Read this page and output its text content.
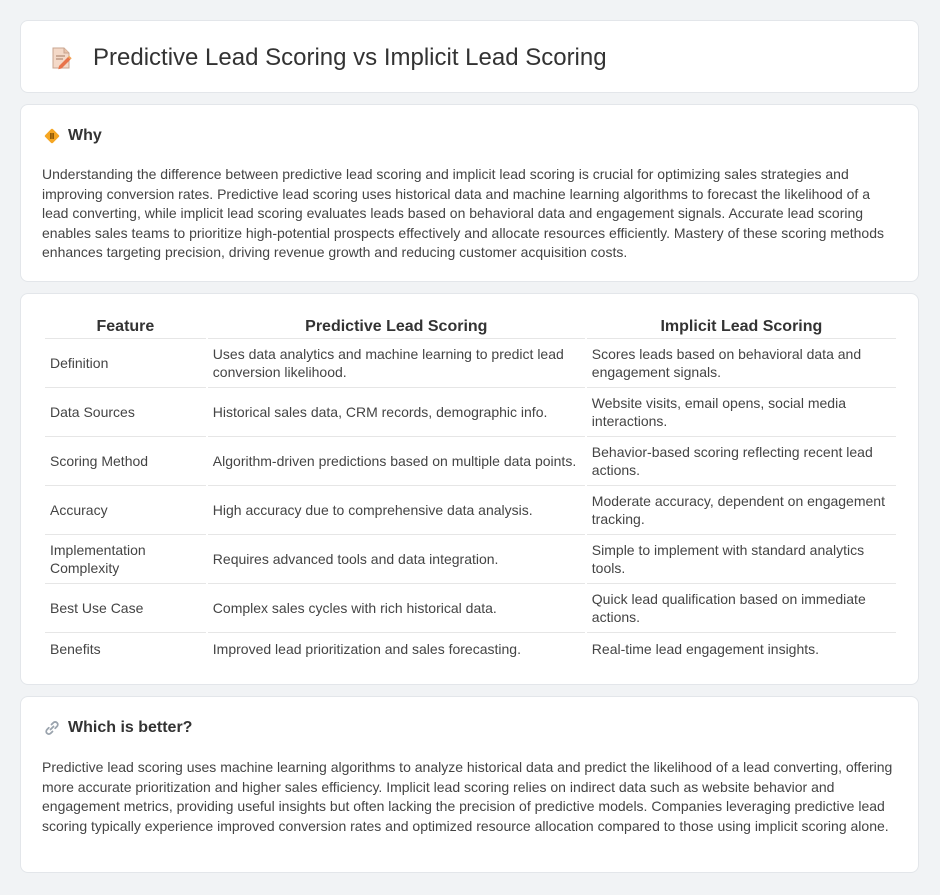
Predictive Lead Scoring vs Implicit Lead Scoring
Why

Understanding the difference between predictive lead scoring and implicit lead scoring is crucial for optimizing sales strategies and improving conversion rates. Predictive lead scoring uses historical data and machine learning algorithms to forecast the likelihood of a lead converting, while implicit lead scoring evaluates leads based on behavioral data and engagement signals. Accurate lead scoring enables sales teams to prioritize high-potential prospects effectively and allocate resources efficiently. Mastery of these scoring methods enhances targeting precision, driving revenue growth and reducing customer acquisition costs.

Feature	Predictive Lead Scoring	Implicit Lead Scoring
Definition	Uses data analytics and machine learning to predict lead conversion likelihood.	Scores leads based on behavioral data and engagement signals.
Data Sources	Historical sales data, CRM records, demographic info.	Website visits, email opens, social media interactions.
Scoring Method	Algorithm-driven predictions based on multiple data points.	Behavior-based scoring reflecting recent lead actions.
Accuracy	High accuracy due to comprehensive data analysis.	Moderate accuracy, dependent on engagement tracking.
Implementation Complexity	Requires advanced tools and data integration.	Simple to implement with standard analytics tools.
Best Use Case	Complex sales cycles with rich historical data.	Quick lead qualification based on immediate actions.
Benefits	Improved lead prioritization and sales forecasting.	Real-time lead engagement insights.
Which is better?

Predictive lead scoring uses machine learning algorithms to analyze historical data and predict the likelihood of a lead converting, offering more accurate prioritization and higher sales efficiency. Implicit lead scoring relies on indirect data such as website behavior and engagement metrics, providing useful insights but often lacking the precision of predictive models. Companies leveraging predictive lead scoring typically experience improved conversion rates and optimized resource allocation compared to those using implicit scoring alone.
